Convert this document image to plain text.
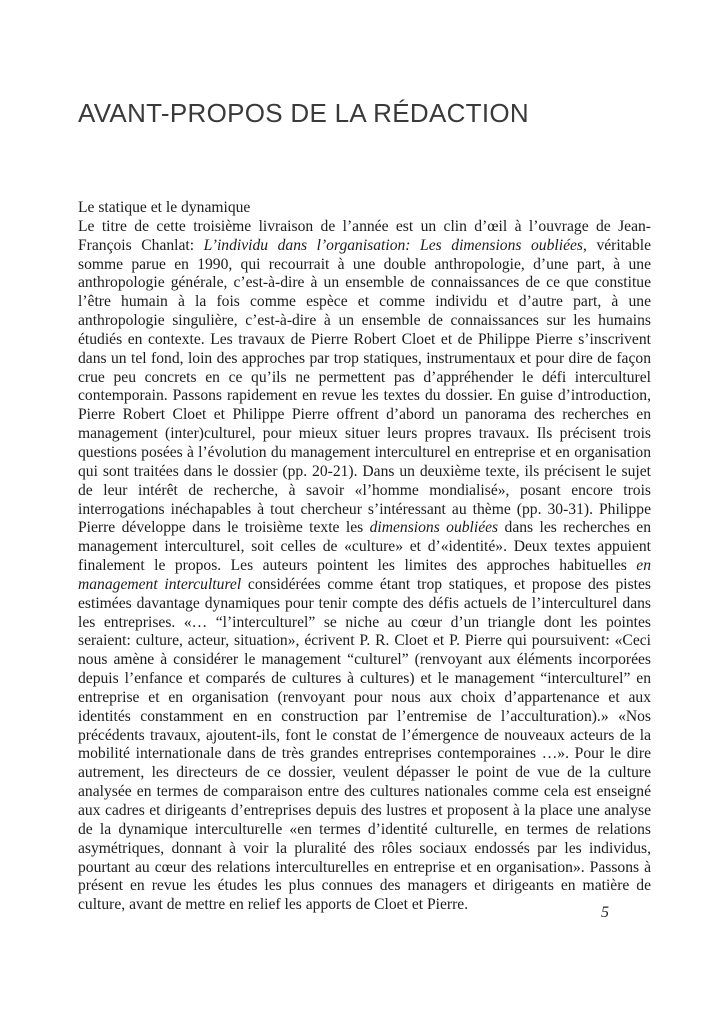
AVANT-PROPOS DE LA RÉDACTION
Le statique et le dynamique

Le titre de cette troisième livraison de l’année est un clin d’œil à l’ouvrage de Jean-François Chanlat: L’individu dans l’organisation: Les dimensions oubliées, véritable somme parue en 1990, qui recourrait à une double anthropologie, d’une part, à une anthropologie générale, c’est-à-dire à un ensemble de connaissances de ce que constitue l’être humain à la fois comme espèce et comme individu et d’autre part, à une anthropologie singulière, c’est-à-dire à un ensemble de connaissances sur les humains étudiés en contexte. Les travaux de Pierre Robert Cloet et de Philippe Pierre s’inscrivent dans un tel fond, loin des approches par trop statiques, instrumentaux et pour dire de façon crue peu concrets en ce qu’ils ne permettent pas d’appréhender le défi interculturel contemporain. Passons rapidement en revue les textes du dossier. En guise d’introduction, Pierre Robert Cloet et Philippe Pierre offrent d’abord un panorama des recherches en management (inter)culturel, pour mieux situer leurs propres travaux. Ils précisent trois questions posées à l’évolution du management interculturel en entreprise et en organisation qui sont traitées dans le dossier (pp. 20-21). Dans un deuxième texte, ils précisent le sujet de leur intérêt de recherche, à savoir «l’homme mondialisé», posant encore trois interrogations inéchapables à tout chercheur s’intéressant au thème (pp. 30-31). Philippe Pierre développe dans le troisième texte les dimensions oubliées dans les recherches en management interculturel, soit celles de «culture» et d’«identité». Deux textes appuient finalement le propos. Les auteurs pointent les limites des approches habituelles en management interculturel considérées comme étant trop statiques, et propose des pistes estimées davantage dynamiques pour tenir compte des défis actuels de l’interculturel dans les entreprises. «… “l’interculturel” se niche au cœur d’un triangle dont les pointes seraient: culture, acteur, situation», écrivent P. R. Cloet et P. Pierre qui poursuivent: «Ceci nous amène à considérer le management “culturel” (renvoyant aux éléments incorporées depuis l’enfance et comparés de cultures à cultures) et le management “interculturel” en entreprise et en organisation (renvoyant pour nous aux choix d’appartenance et aux identités constamment en en construction par l’entremise de l’acculturation).» «Nos précédents travaux, ajoutent-ils, font le constat de l’émergence de nouveaux acteurs de la mobilité internationale dans de très grandes entreprises contemporaines …». Pour le dire autrement, les directeurs de ce dossier, veulent dépasser le point de vue de la culture analysée en termes de comparaison entre des cultures nationales comme cela est enseigné aux cadres et dirigeants d’entreprises depuis des lustres et proposent à la place une analyse de la dynamique interculturelle «en termes d’identité culturelle, en termes de relations asymétriques, donnant à voir la pluralité des rôles sociaux endossés par les individus, pourtant au cœur des relations interculturelles en entreprise et en organisation». Passons à présent en revue les études les plus connues des managers et dirigeants en matière de culture, avant de mettre en relief les apports de Cloet et Pierre.	5
